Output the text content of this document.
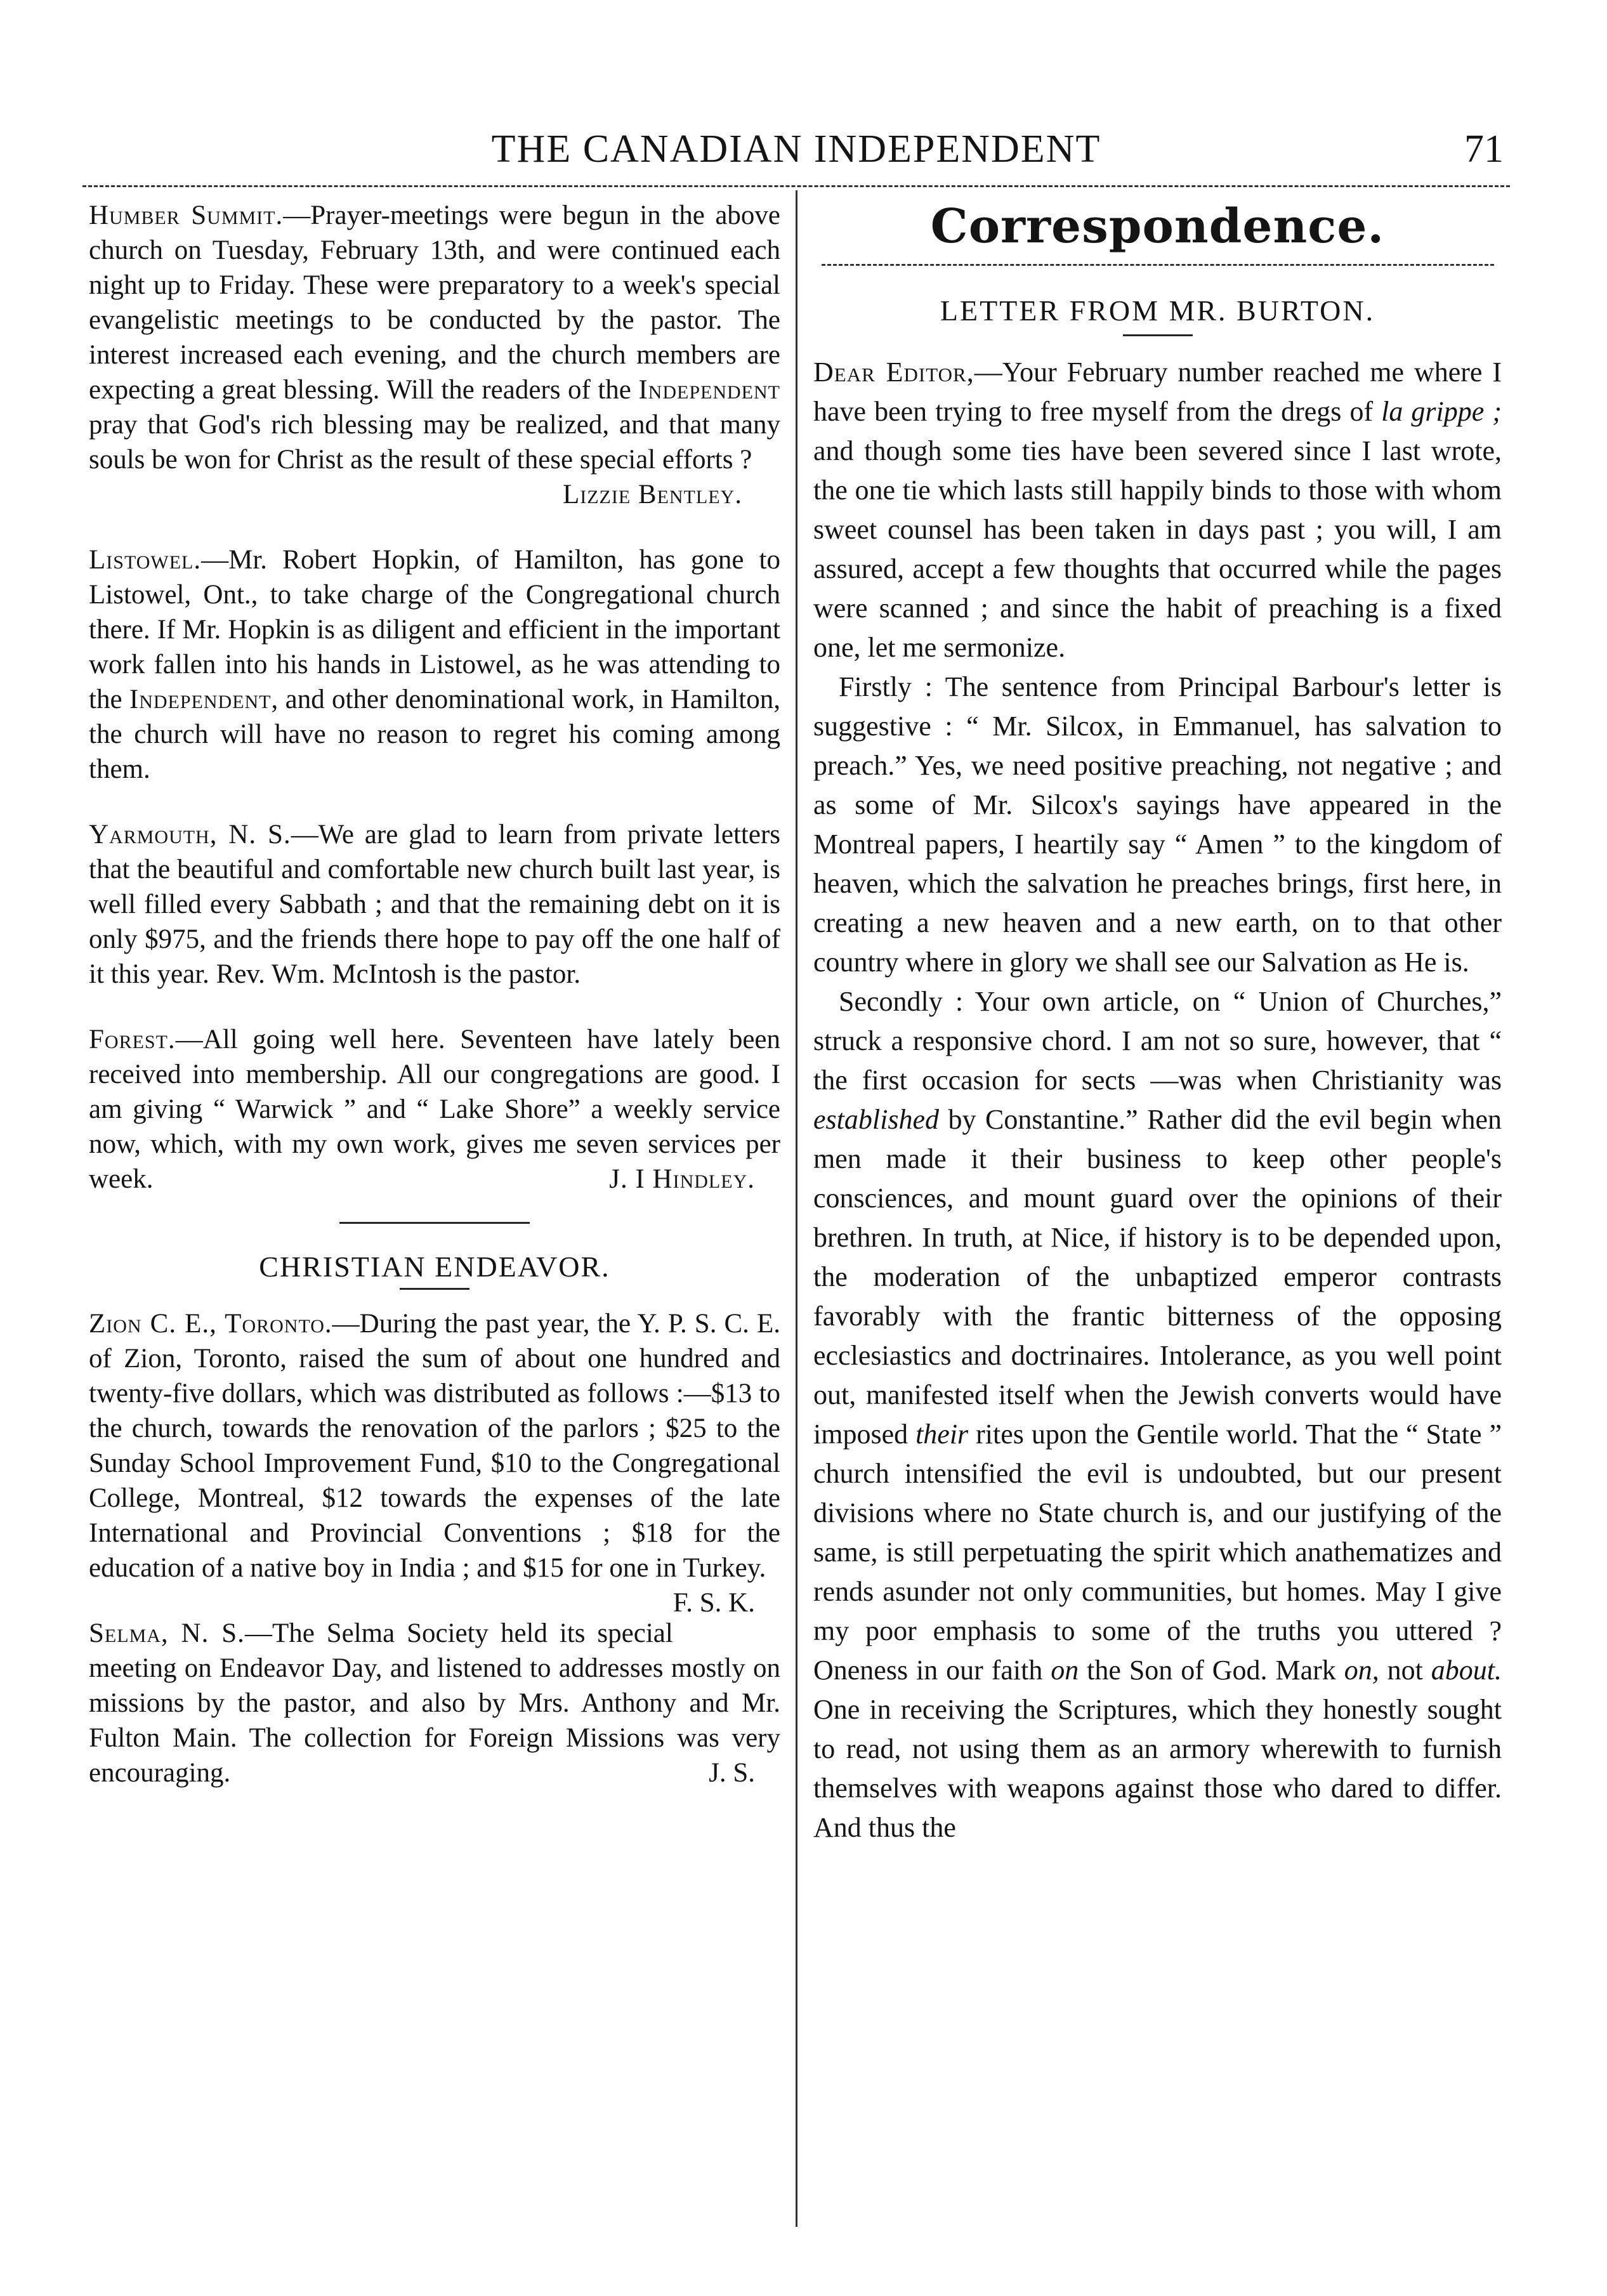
THE CANADIAN INDEPENDENT	71

Humber Summit.—Prayer-meetings were begun in the above church on Tuesday, February 13th, and were continued each night up to Friday. These were preparatory to a week's special evangelistic meetings to be conducted by the pastor. The interest increased each evening, and the church members are expecting a great blessing. Will the readers of the Independent pray that God's rich blessing may be realized, and that many souls be won for Christ as the result of these special efforts ?

Lizzie Bentley.

Listowel.—Mr. Robert Hopkin, of Hamilton, has gone to Listowel, Ont., to take charge of the Congregational church there. If Mr. Hopkin is as diligent and efficient in the important work fallen into his hands in Listowel, as he was attending to the Independent, and other denominational work, in Hamilton, the church will have no reason to regret his coming among them.

Yarmouth, N. S.—We are glad to learn from private letters that the beautiful and comfortable new church built last year, is well filled every Sabbath ; and that the remaining debt on it is only $975, and the friends there hope to pay off the one half of it this year. Rev. Wm. McIntosh is the pastor.

Forest.—All going well here. Seventeen have lately been received into membership. All our congregations are good. I am giving “ Warwick ” and “ Lake Shore” a weekly service now, which, with my own work, gives me seven services per week.	J. I Hindley.

CHRISTIAN ENDEAVOR.

Zion C. E., Toronto.—During the past year, the Y. P. S. C. E. of Zion, Toronto, raised the sum of about one hundred and twenty-five dollars, which was distributed as follows :—$13 to the church, towards the renovation of the parlors ; $25 to the Sunday School Improvement Fund, $10 to the Congregational College, Montreal, $12 towards the expenses of the late International and Provincial Conventions ; $18 for the education of a native boy in India ; and $15 for one in Turkey.
F. S. K.

Selma, N. S.—The Selma Society held its special meeting on Endeavor Day, and listened to addresses mostly on missions by the pastor, and also by Mrs. Anthony and Mr. Fulton Main. The collection for Foreign Missions was very encouraging.	J. S.

Correspondence.

LETTER FROM MR. BURTON.

Dear Editor,—Your February number reached me where I have been trying to free myself from the dregs of la grippe ; and though some ties have been severed since I last wrote, the one tie which lasts still happily binds to those with whom sweet counsel has been taken in days past ; you will, I am assured, accept a few thoughts that occurred while the pages were scanned ; and since the habit of preaching is a fixed one, let me sermonize.

Firstly : The sentence from Principal Barbour's letter is suggestive : “ Mr. Silcox, in Emmanuel, has salvation to preach.” Yes, we need positive preaching, not negative ; and as some of Mr. Silcox's sayings have appeared in the Montreal papers, I heartily say “ Amen ” to the kingdom of heaven, which the salvation he preaches brings, first here, in creating a new heaven and a new earth, on to that other country where in glory we shall see our Salvation as He is.

Secondly : Your own article, on “ Union of Churches,” struck a responsive chord. I am not so sure, however, that “ the first occasion for sects —was when Christianity was established by Constantine.” Rather did the evil begin when men made it their business to keep other people's consciences, and mount guard over the opinions of their brethren. In truth, at Nice, if history is to be depended upon, the moderation of the unbaptized emperor contrasts favorably with the frantic bitterness of the opposing ecclesiastics and doctrinaires. Intolerance, as you well point out, manifested itself when the Jewish converts would have imposed their rites upon the Gentile world. That the “ State ” church intensified the evil is undoubted, but our present divisions where no State church is, and our justifying of the same, is still perpetuating the spirit which anathematizes and rends asunder not only communities, but homes. May I give my poor emphasis to some of the truths you uttered ? Oneness in our faith on the Son of God. Mark on, not about. One in receiving the Scriptures, which they honestly sought to read, not using them as an armory wherewith to furnish themselves with weapons against those who dared to differ. And thus the
